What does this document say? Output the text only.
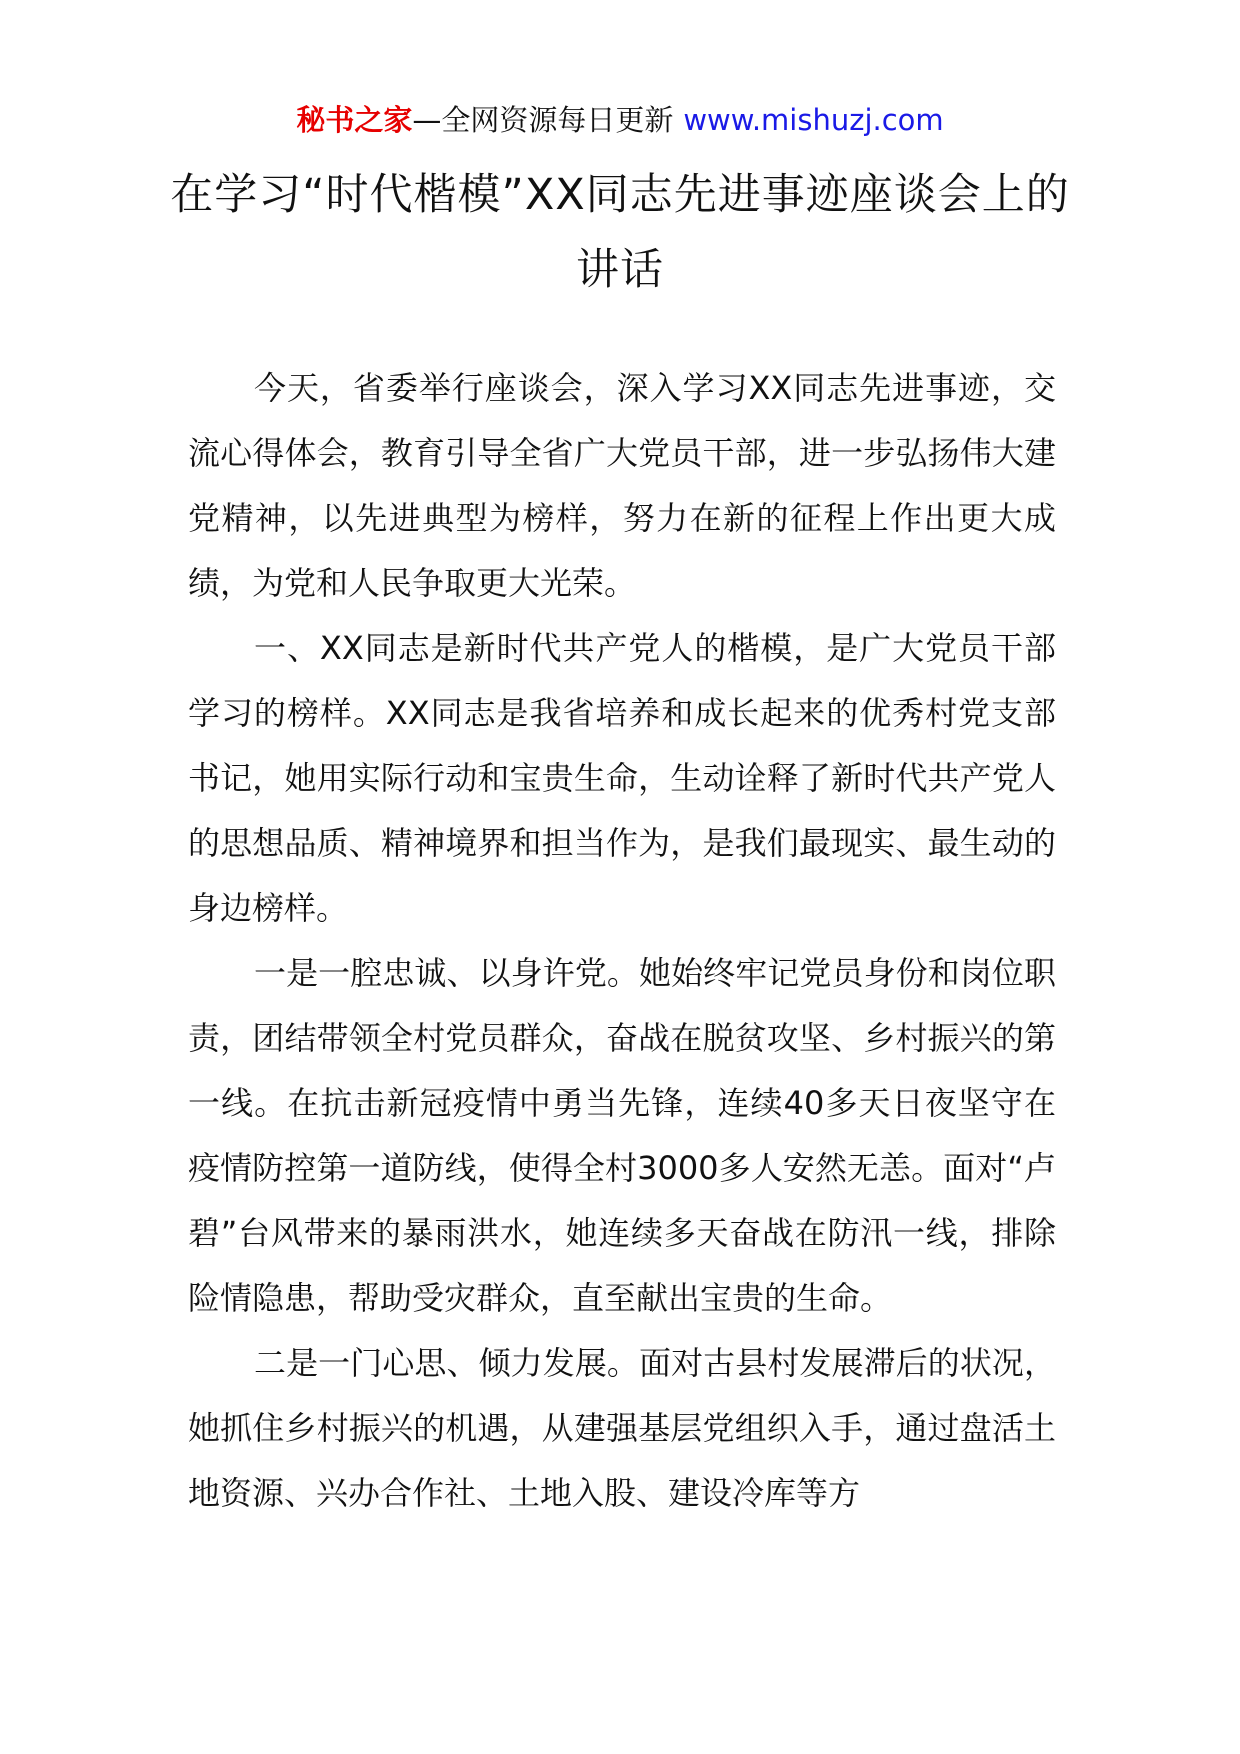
秘书之家—全网资源每日更新 www.mishuzj.com
在学习“时代楷模”XX同志先进事迹座谈会上的讲话

今天，省委举行座谈会，深入学习XX同志先进事迹，交流心得体会，教育引导全省广大党员干部，进一步弘扬伟大建党精神，以先进典型为榜样，努力在新的征程上作出更大成绩，为党和人民争取更大光荣。

一、XX同志是新时代共产党人的楷模，是广大党员干部学习的榜样。XX同志是我省培养和成长起来的优秀村党支部书记，她用实际行动和宝贵生命，生动诠释了新时代共产党人的思想品质、精神境界和担当作为，是我们最现实、最生动的身边榜样。

一是一腔忠诚、以身许党。她始终牢记党员身份和岗位职责，团结带领全村党员群众，奋战在脱贫攻坚、乡村振兴的第一线。在抗击新冠疫情中勇当先锋，连续40多天日夜坚守在疫情防控第一道防线，使得全村3000多人安然无恙。面对“卢碧”台风带来的暴雨洪水，她连续多天奋战在防汛一线，排除险情隐患，帮助受灾群众，直至献出宝贵的生命。

二是一门心思、倾力发展。面对古县村发展滞后的状况，她抓住乡村振兴的机遇，从建强基层党组织入手，通过盘活土地资源、兴办合作社、土地入股、建设冷库等方
